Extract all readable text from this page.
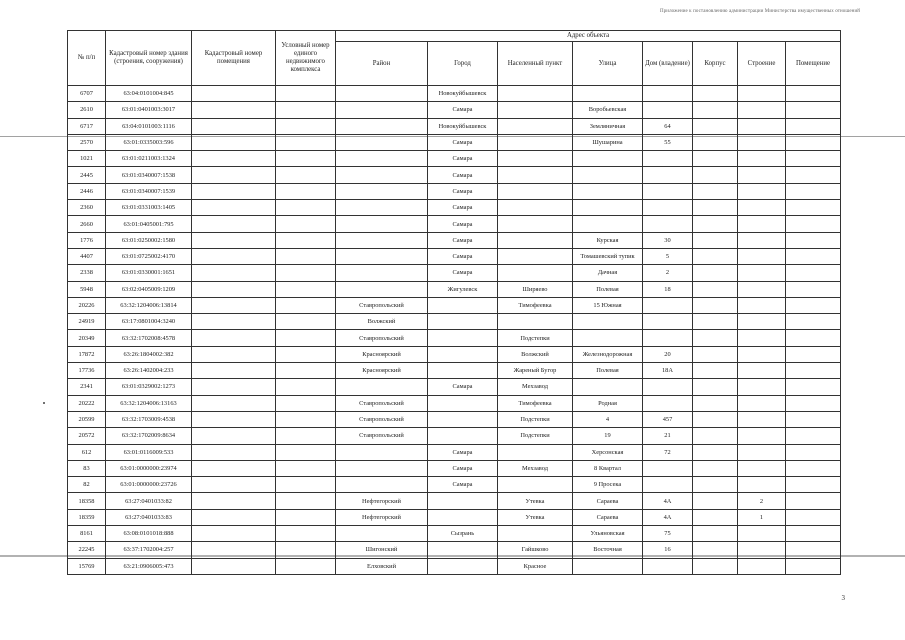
Приложение к постановлению администрации Министерства имущественных отношений
№ п/п	Кадастровый номер здания (строения, сооружения)	Кадастровый номер помещения	Условный номер единого недвижимого комплекса	Адрес объекта							
				Район	Город	Населенный пункт	Улица	Дом (владение)	Корпус	Строение	Помещение
6707	63:04:0101004:845				Новокуйбышевск						
2610	63:01:0401003:3017				Самара		Воробьевская				
6717	63:04:0101003:1116				Новокуйбышевск		Земляничная	64			
2570	63:01:0335003:596				Самара		Шушарина	55			
1021	63:01:0211003:1324				Самара						
2445	63:01:0340007:1538				Самара						
2446	63:01:0340007:1539				Самара						
2360	63:01:0331003:1405				Самара						
2660	63:01:0405001:795				Самара						
1776	63:01:0250002:1580				Самара		Курская	30			
4407	63:01:0725002:4170				Самара		Томашевский тупик	5			
2338	63:01:0330001:1651				Самара		Дачная	2			
5948	63:02:0405009:1209				Жигулевск	Ширяево	Полевая	18			
20226	63:32:1204006:13814			Ставропольский		Тимофеевка	15 Южная				
24919	63:17:0801004:3240			Волжский							
20349	63:32:1702008:4578			Ставропольский		Подстепки					
17872	63:26:1804002:382			Красноярский		Волжский	Железнодорожная	20			
17736	63:26:1402004:233			Красноярский		Жареный Бугор	Полевая	18А			
2341	63:01:0329002:1273				Самара	Мехзавод					
20222	63:32:1204006:13163			Ставропольский		Тимофеевка	Родная				
20599	63:32:1703009:4538			Ставропольский		Подстепки	4	457			
20572	63:32:1702009:8634			Ставропольский		Подстепки	19	21			
612	63:01:0116009:533				Самара		Херсонская	72			
83	63:01:0000000:23974				Самара	Мехзавод	8 Квартал				
82	63:01:0000000:23726				Самара		9 Просека				
18358	63:27:0401033:82			Нефтегорский		Утевка	Сараева	4А		2	
18359	63:27:0401033:83			Нефтегорский		Утевка	Сараева	4А		1	
8161	63:08:0101018:888				Сызрань		Ульяновская	75			
22245	63:37:1702004:257			Шигонский		Гайшково	Восточная	16			
15769	63:21:0906005:473			Елховский		Красное					
3
